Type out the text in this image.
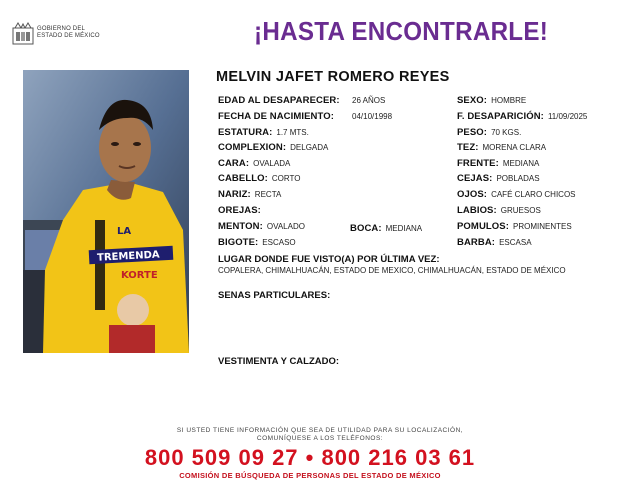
GOBIERNO DEL
ESTADO DE MÉXICO	¡HASTA ENCONTRARLE!
LA
TREMENDA
KORTE
MELVIN JAFET ROMERO REYES
EDAD AL DESAPARECER: 26 AÑOS
FECHA DE NACIMIENTO: 04/10/1998
ESTATURA: 1.7 MTS.
COMPLEXION: DELGADA
CARA: OVALADA
CABELLO: CORTO
NARIZ: RECTA
OREJAS:
MENTON: OVALADO
BIGOTE: ESCASO
BOCA: MEDIANA
SEXO: HOMBRE
F. DESAPARICIÓN: 11/09/2025
PESO: 70 KGS.
TEZ: MORENA CLARA
FRENTE: MEDIANA
CEJAS: POBLADAS
OJOS: CAFÉ CLARO CHICOS
LABIOS: GRUESOS
POMULOS: PROMINENTES
BARBA: ESCASA
LUGAR DONDE FUE VISTO(A) POR ÚLTIMA VEZ:
COPALERA, CHIMALHUACÁN, ESTADO DE MEXICO, CHIMALHUACÁN, ESTADO DE MÉXICO
SENAS PARTICULARES:
VESTIMENTA Y CALZADO:
SI USTED TIENE INFORMACIÓN QUE SEA DE UTILIDAD PARA SU LOCALIZACIÓN,
COMUNÍQUESE A LOS TELÉFONOS:
800 509 09 27 • 800 216 03 61
COMISIÓN DE BÚSQUEDA DE PERSONAS DEL ESTADO DE MÉXICO
